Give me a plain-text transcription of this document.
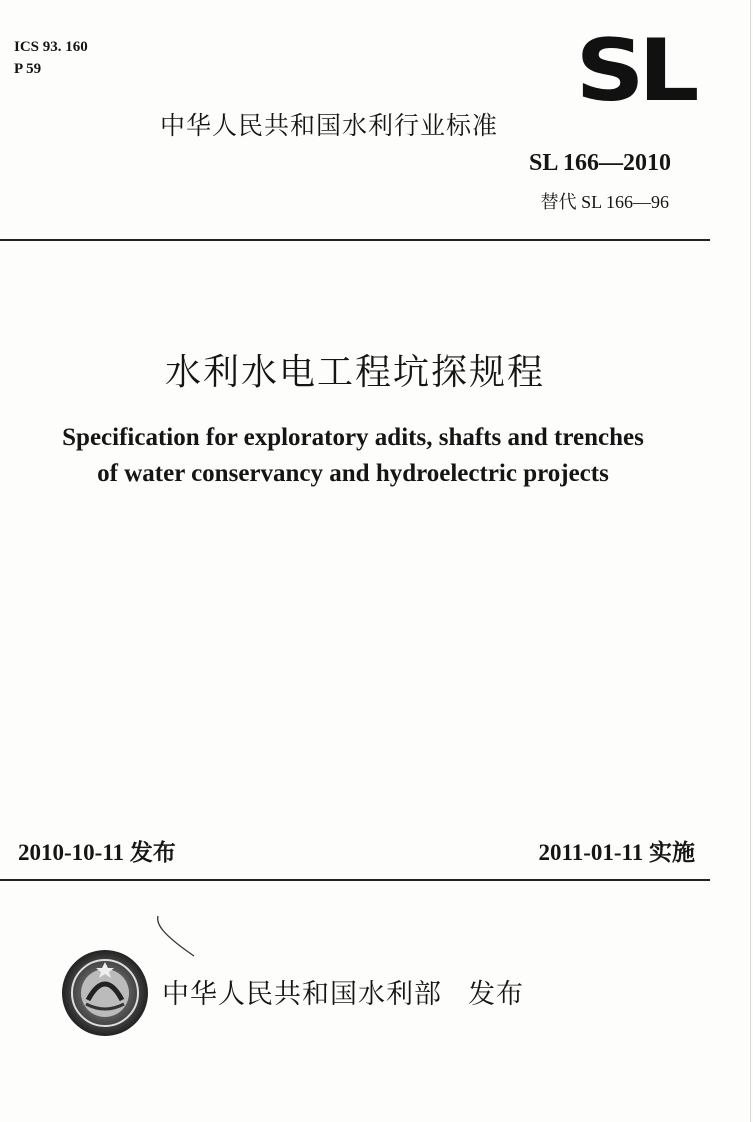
ICS 93. 160
P 59	SL
中华人民共和国水利行业标准
SL 166—2010
替代 SL 166—96
水利水电工程坑探规程
Specification for exploratory adits, shafts and trenches
of water conservancy and hydroelectric projects
2010-10-11 发布	2011-01-11 实施
中华人民共和国水利部 发布
